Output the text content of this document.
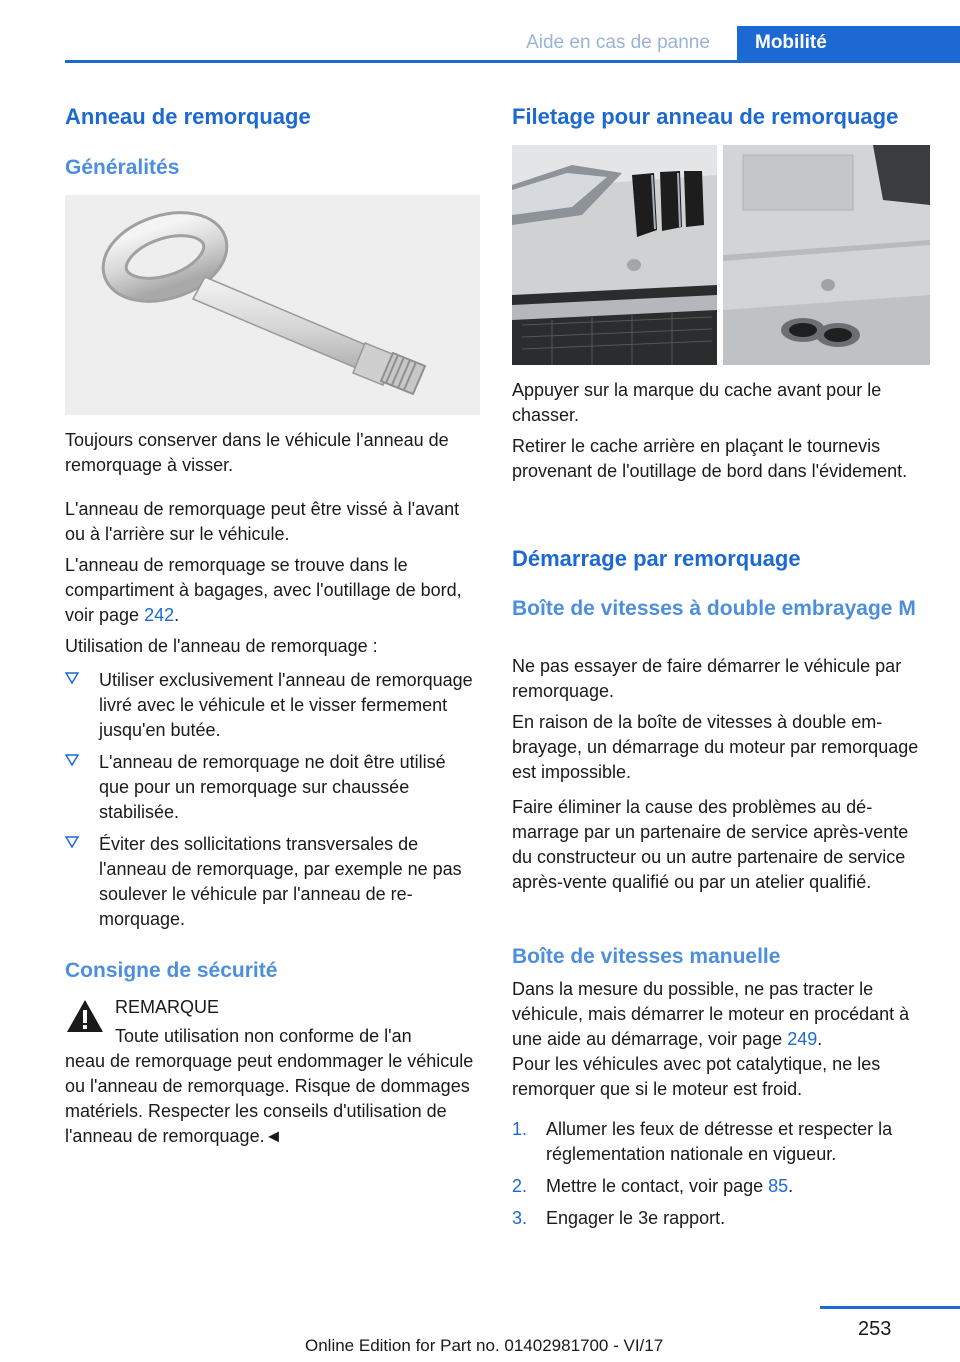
Aide en cas de panne	Mobilité
Anneau de remorquage
Généralités

Toujours conserver dans le véhicule l'anneau de remorquage à visser.

L'anneau de remorquage peut être vissé à l'avant ou à l'arrière sur le véhicule.

L'anneau de remorquage se trouve dans le compartiment à bagages, avec l'outillage de bord, voir page 242.

Utilisation de l'anneau de remorquage :

Utiliser exclusivement l'anneau de remorquage livré avec le véhicule et le visser fermement jusqu'en butée.
L'anneau de remorquage ne doit être utilisé que pour un remorquage sur chaussée stabilisée.
Éviter des sollicitations transversales de l'anneau de remorquage, par exemple ne pas soulever le véhicule par l'anneau de remorquage.
Consigne de sécurité
REMARQUE
Toute utilisation non conforme de l'an
neau de remorquage peut endommager le véhicule ou l'anneau de remorquage. Risque de dommages matériels. Respecter les conseils d'utilisation de l'anneau de remorquage.◄
Filetage pour anneau de remorquage

Appuyer sur la marque du cache avant pour le chasser.

Retirer le cache arrière en plaçant le tournevis provenant de l'outillage de bord dans l'évidement.

Démarrage par remorquage
Boîte de vitesses à double embrayage M

Ne pas essayer de faire démarrer le véhicule par remorquage.

En raison de la boîte de vitesses à double embrayage, un démarrage du moteur par remorquage est impossible.

Faire éliminer la cause des problèmes au démarrage par un partenaire de service après-vente du constructeur ou un autre partenaire de service après-vente qualifié ou par un atelier qualifié.

Boîte de vitesses manuelle

Dans la mesure du possible, ne pas tracter le véhicule, mais démarrer le moteur en procédant à une aide au démarrage, voir page 249.

Pour les véhicules avec pot catalytique, ne les remorquer que si le moteur est froid.

1. Allumer les feux de détresse et respecter la réglementation nationale en vigueur.
2. Mettre le contact, voir page 85.
3. Engager le 3e rapport.
253
Online Edition for Part no. 01402981700 - VI/17
